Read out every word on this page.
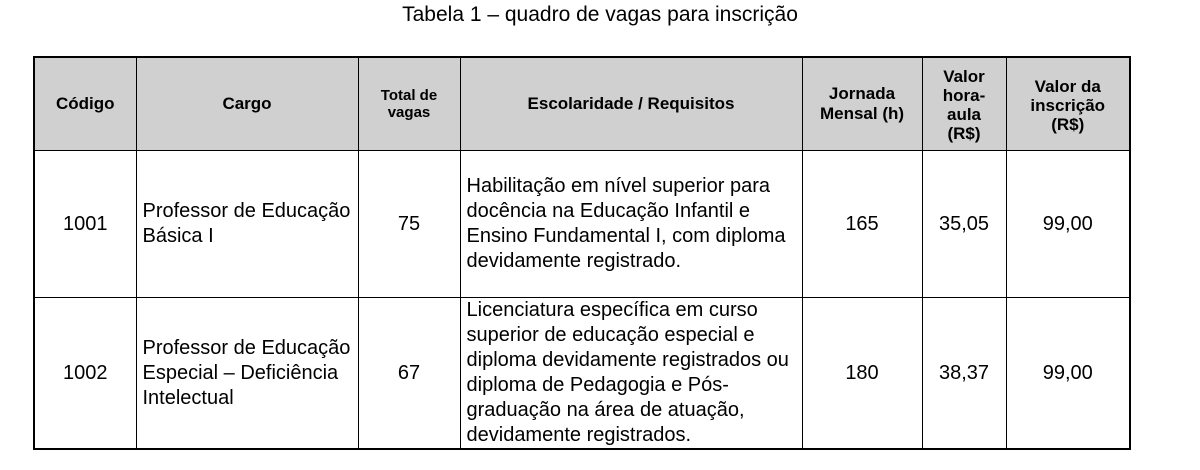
Tabela 1 – quadro de vagas para inscrição
Código	Cargo	Total de vagas	Escolaridade / Requisitos	Jornada Mensal (h)	Valor hora-aula (R$)	Valor da inscrição (R$)
1001	Professor de Educação Básica I	75	Habilitação em nível superior para docência na Educação Infantil e Ensino Fundamental I, com diploma devidamente registrado.	165	35,05	99,00
1002	Professor de Educação Especial – Deficiência Intelectual	67	Licenciatura específica em curso superior de educação especial e diploma devidamente registrados ou diploma de Pedagogia e Pós-graduação na área de atuação, devidamente registrados.	180	38,37	99,00
